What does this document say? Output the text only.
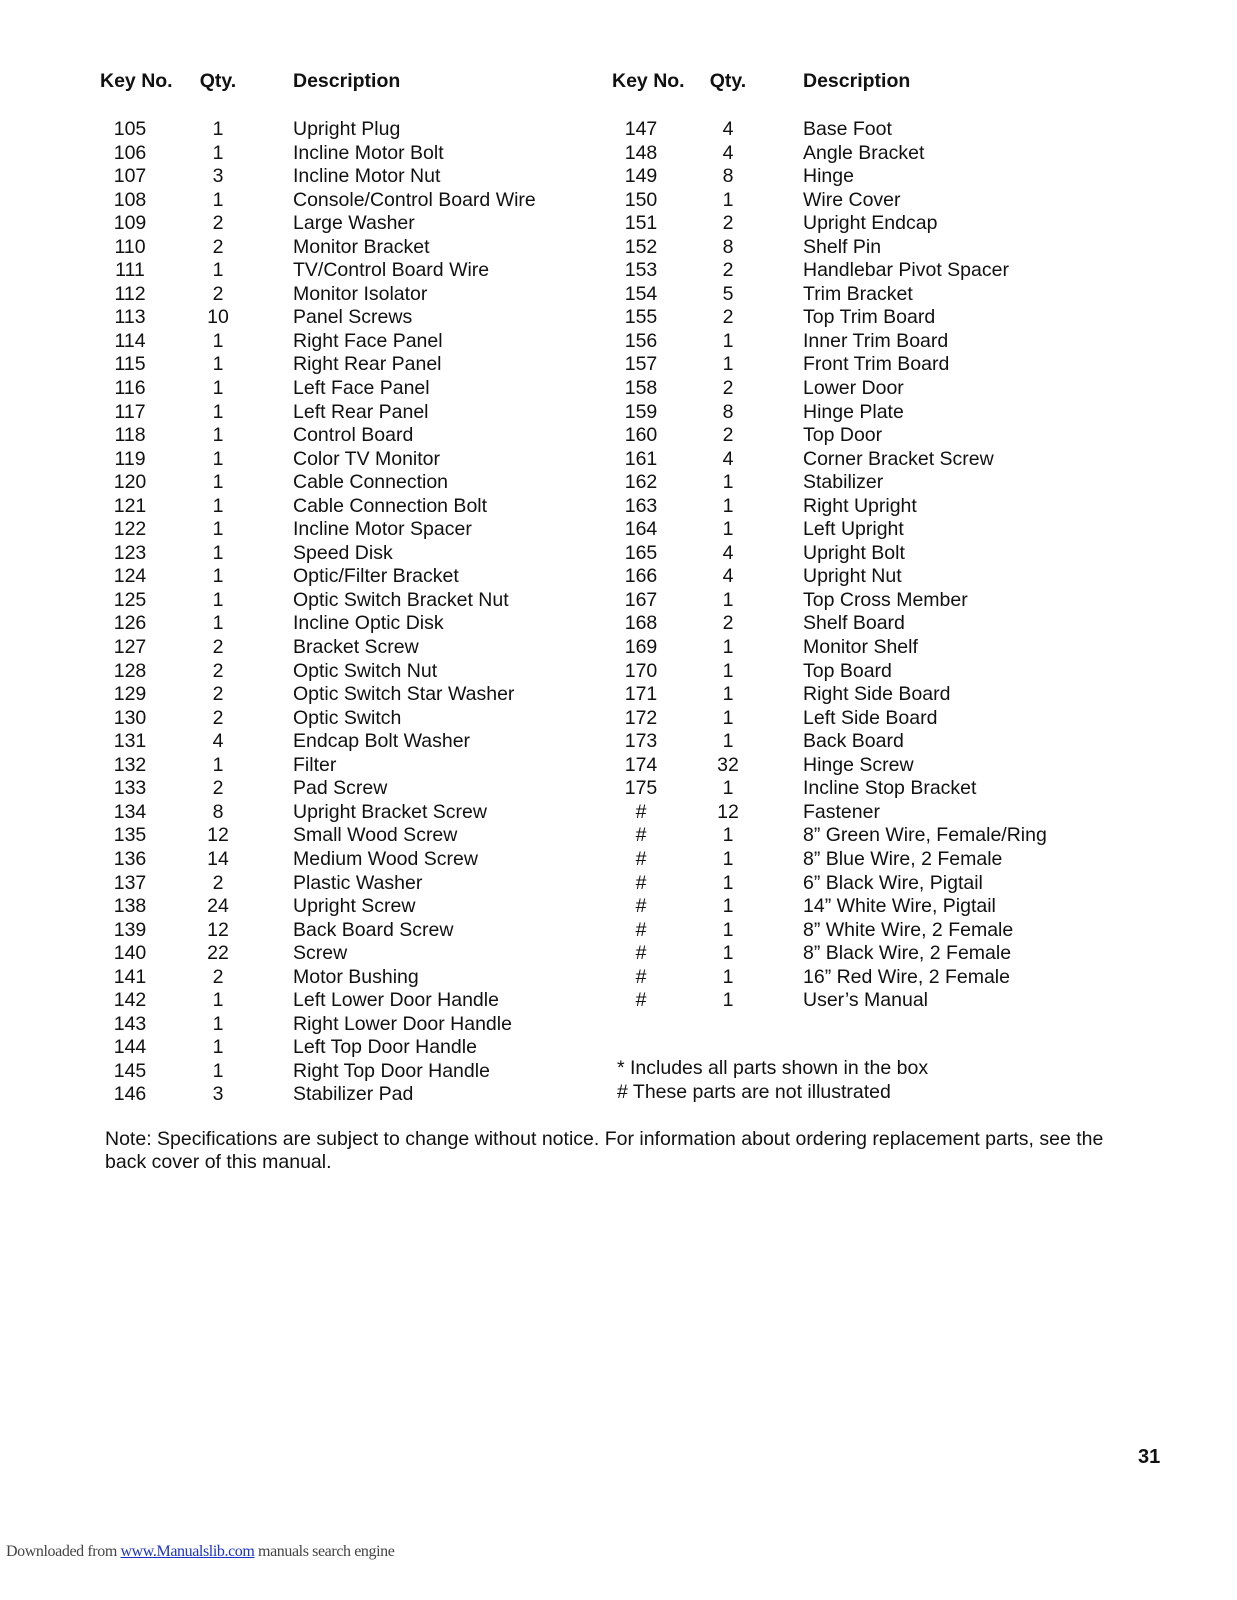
Key No. Qty.	Description
105	1	Upright Plug
106	1	Incline Motor Bolt
107	3	Incline Motor Nut
108	1	Console/Control Board Wire
109	2	Large Washer
110	2	Monitor Bracket
111	1	TV/Control Board Wire
112	2	Monitor Isolator
113	10	Panel Screws
114	1	Right Face Panel
115	1	Right Rear Panel
116	1	Left Face Panel
117	1	Left Rear Panel
118	1	Control Board
119	1	Color TV Monitor
120	1	Cable Connection
121	1	Cable Connection Bolt
122	1	Incline Motor Spacer
123	1	Speed Disk
124	1	Optic/Filter Bracket
125	1	Optic Switch Bracket Nut
126	1	Incline Optic Disk
127	2	Bracket Screw
128	2	Optic Switch Nut
129	2	Optic Switch Star Washer
130	2	Optic Switch
131	4	Endcap Bolt Washer
132	1	Filter
133	2	Pad Screw
134	8	Upright Bracket Screw
135	12	Small Wood Screw
136	14	Medium Wood Screw
137	2	Plastic Washer
138	24	Upright Screw
139	12	Back Board Screw
140	22	Screw
141	2	Motor Bushing
142	1	Left Lower Door Handle
143	1	Right Lower Door Handle
144	1	Left Top Door Handle
145	1	Right Top Door Handle
146	3	Stabilizer Pad
Key No. Qty.	Description
147	4	Base Foot
148	4	Angle Bracket
149	8	Hinge
150	1	Wire Cover
151	2	Upright Endcap
152	8	Shelf Pin
153	2	Handlebar Pivot Spacer
154	5	Trim Bracket
155	2	Top Trim Board
156	1	Inner Trim Board
157	1	Front Trim Board
158	2	Lower Door
159	8	Hinge Plate
160	2	Top Door
161	4	Corner Bracket Screw
162	1	Stabilizer
163	1	Right Upright
164	1	Left Upright
165	4	Upright Bolt
166	4	Upright Nut
167	1	Top Cross Member
168	2	Shelf Board
169	1	Monitor Shelf
170	1	Top Board
171	1	Right Side Board
172	1	Left Side Board
173	1	Back Board
174	32	Hinge Screw
175	1	Incline Stop Bracket
#	12	Fastener
#	1	8” Green Wire, Female/Ring
#	1	8” Blue Wire, 2 Female
#	1	6” Black Wire, Pigtail
#	1	14” White Wire, Pigtail
#	1	8” White Wire, 2 Female
#	1	8” Black Wire, 2 Female
#	1	16” Red Wire, 2 Female
#	1	User’s Manual
* Includes all parts shown in the box
# These parts are not illustrated
Note: Specifications are subject to change without notice. For information about ordering replacement parts, see the back cover of this manual.
31
Downloaded from www.Manualslib.com manuals search engine
